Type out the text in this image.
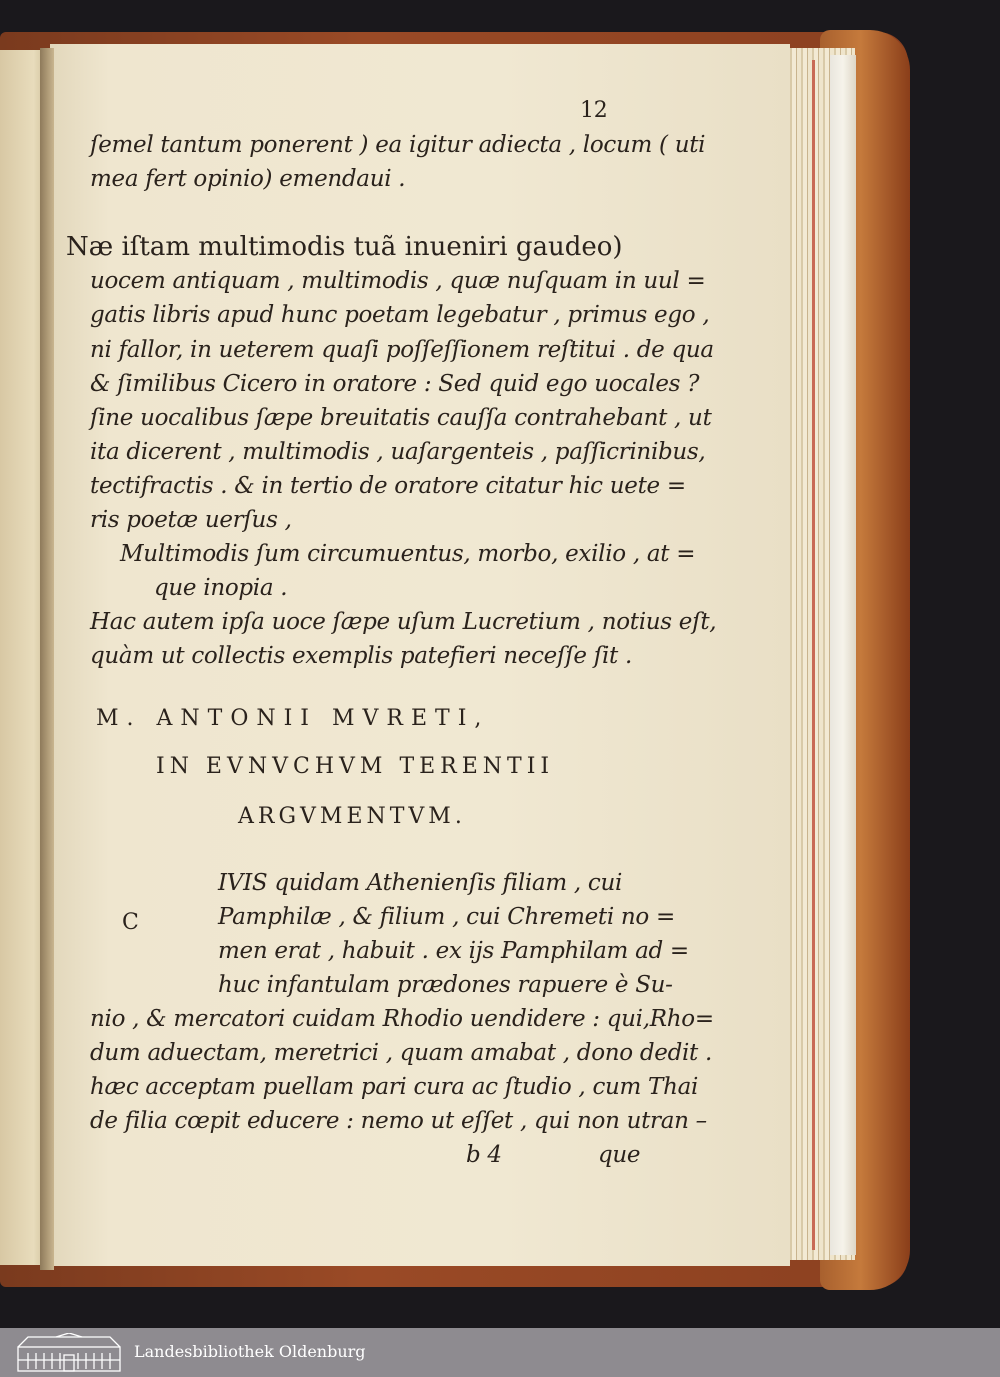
12
ſemel tantum ponerent ) ea igitur adiecta , locum ( uti
mea fert opinio) emendaui .
Næ iſtam multimodis tuã inueniri gaudeo)
uocem antiquam , multimodis , quæ nuſquam in uul =
gatis libris apud hunc poetam legebatur , primus ego ,
ni fallor, in ueterem quaſi poſſeſſionem reſtitui . de qua
& ſimilibus Cicero in oratore : Sed quid ego uocales ?
ſine uocalibus ſæpe breuitatis cauſſa contrahebant , ut
ita dicerent , multimodis , uaſargenteis , paſſicrinibus,
tectifractis . & in tertio de oratore citatur hic uete =
ris poetæ uerſus ,
Multimodis ſum circumuentus, morbo, exilio , at =
que inopia .
Hac autem ipſa uoce ſæpe uſum Lucretium , notius eſt,
quàm ut collectis exemplis patefieri neceſſe ſit .
M. ANTONII MVRETI,
IN EVNVCHVM TERENTII
ARGVMENTVM.
C
IVIS quidam Athenienſis filiam , cui
Pamphilæ , & filium , cui Chremeti no =
men erat , habuit . ex ijs Pamphilam ad =
huc infantulam prædones rapuere è Su-
nio , & mercatori cuidam Rhodio uendidere : qui,Rho=
dum aduectam, meretrici , quam amabat , dono dedit .
hæc acceptam puellam pari cura ac ſtudio , cum Thai
de filia cœpit educere : nemo ut eſſet , qui non utran –
b 4	que
Landesbibliothek Oldenburg
